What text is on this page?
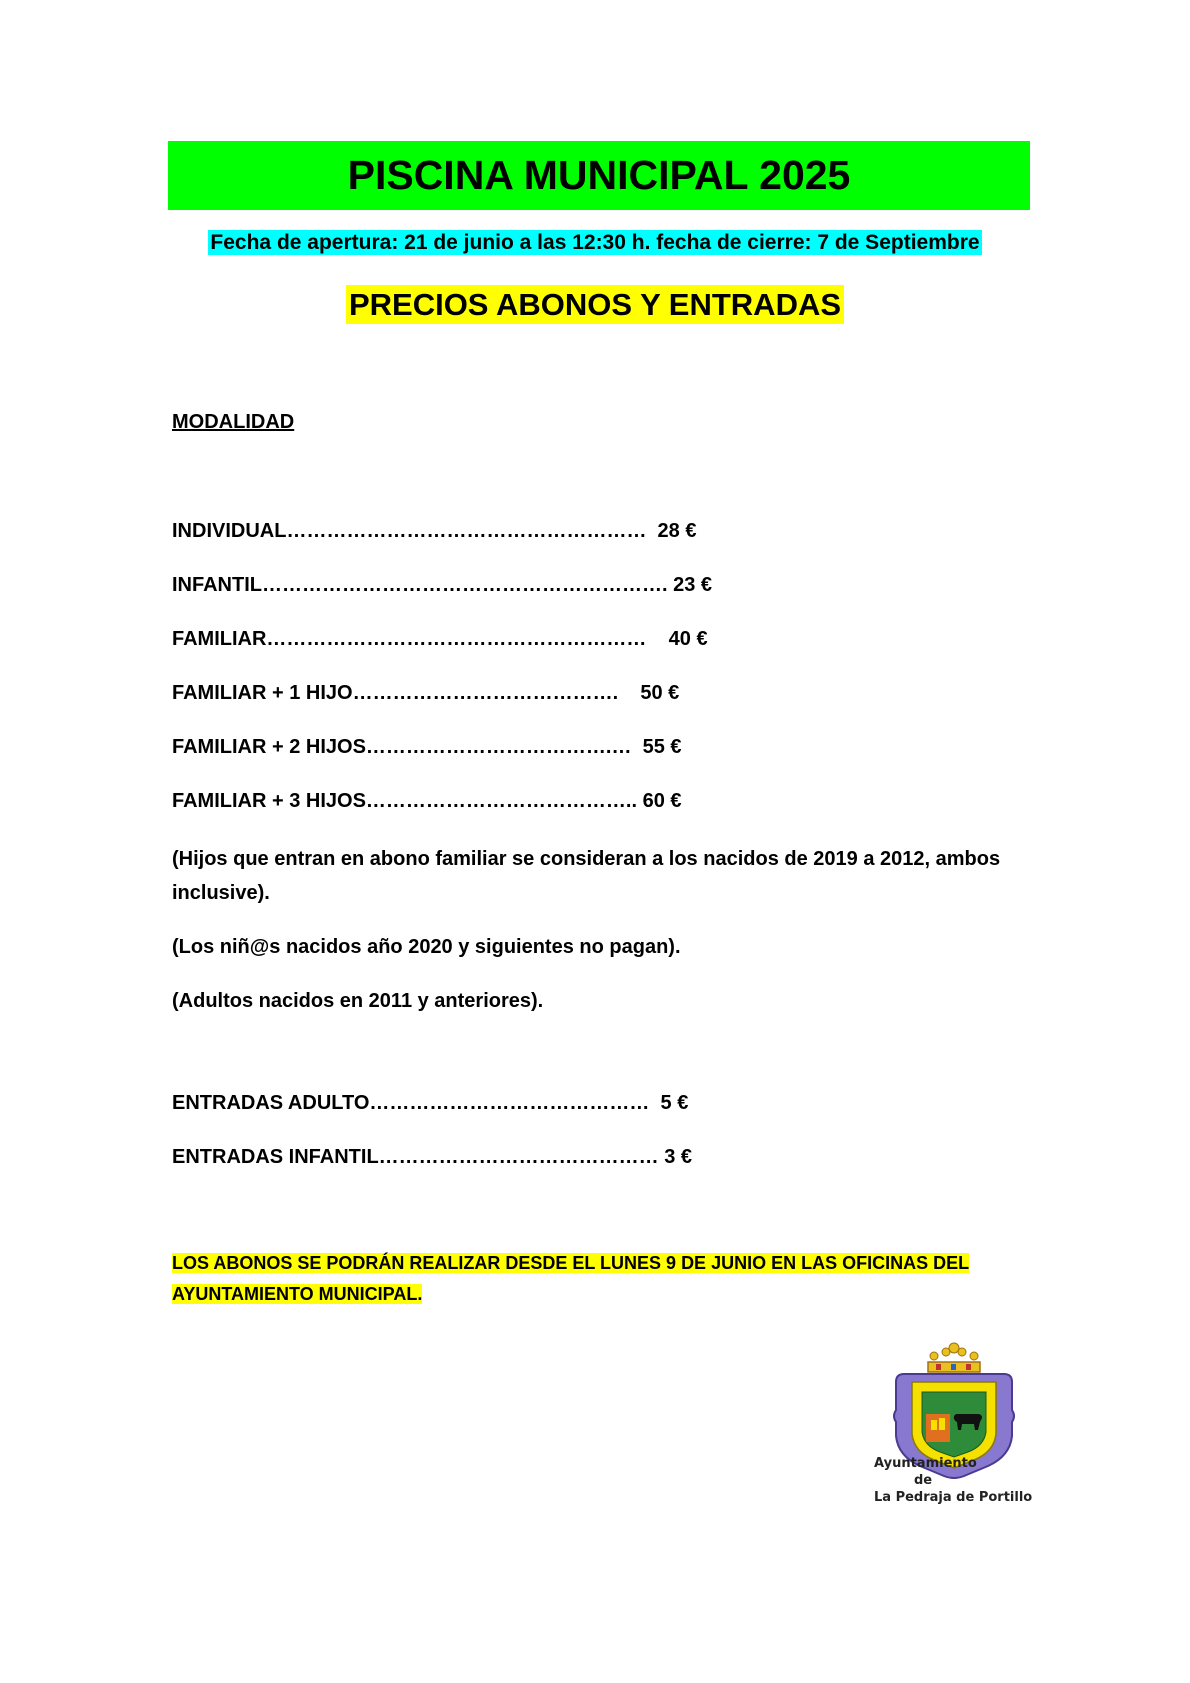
PISCINA MUNICIPAL 2025
Fecha de apertura: 21 de junio a las 12:30 h. fecha de cierre: 7 de Septiembre
PRECIOS ABONOS Y ENTRADAS
MODALIDAD
INDIVIDUAL………………………………………………  28 €
INFANTIL……………………………………………………. 23 €
FAMILIAR…………………………………………………    40 €
FAMILIAR + 1 HIJO………………………………….    50 €
FAMILIAR + 2 HIJOS……………………………….…  55 €
FAMILIAR + 3 HIJOS………………………………….. 60 €
(Hijos que entran en abono familiar se consideran a los nacidos de 2019 a 2012, ambos inclusive).
(Los niñ@s nacidos año 2020 y siguientes no pagan).
(Adultos nacidos en 2011 y anteriores).
ENTRADAS ADULTO……………………………………  5 €
ENTRADAS INFANTIL…………………………………… 3 €
LOS ABONOS SE PODRÁN REALIZAR DESDE EL LUNES 9 DE JUNIO EN LAS OFICINAS DEL AYUNTAMIENTO MUNICIPAL.
Ayuntamiento
de
La Pedraja de Portillo
